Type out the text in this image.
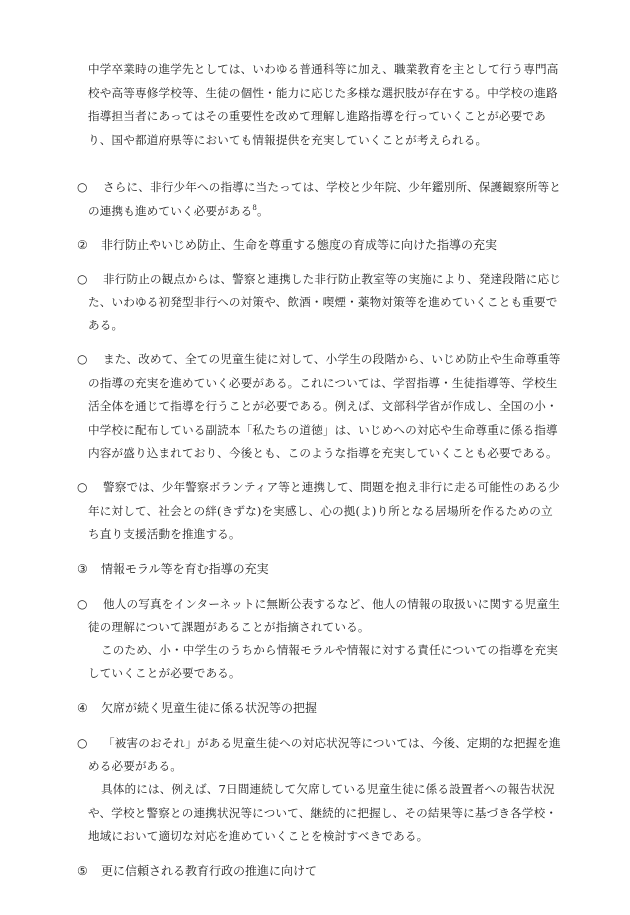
中学卒業時の進学先としては、いわゆる普通科等に加え、職業教育を主として行う専門高
校や高等専修学校等、生徒の個性・能力に応じた多様な選択肢が存在する。中学校の進路
指導担当者にあってはその重要性を改めて理解し進路指導を行っていくことが必要であ
り、国や都道府県等においても情報提供を充実していくことが考えられる。
○ さらに、非行少年への指導に当たっては、学校と少年院、少年鑑別所、保護観察所等と
の連携も進めていく必要がある$^8$。
② 非行防止やいじめ防止、生命を尊重する態度の育成等に向けた指導の充実
○ 非行防止の観点からは、警察と連携した非行防止教室等の実施により、発達段階に応じ
た、いわゆる初発型非行への対策や、飲酒・喫煙・薬物対策等を進めていくことも重要で
ある。
○ また、改めて、全ての児童生徒に対して、小学生の段階から、いじめ防止や生命尊重等
の指導の充実を進めていく必要がある。これについては、学習指導・生徒指導等、学校生
活全体を通じて指導を行うことが必要である。例えば、文部科学省が作成し、全国の小・
中学校に配布している副読本「私たちの道徳」は、いじめへの対応や生命尊重に係る指導
内容が盛り込まれており、今後とも、このような指導を充実していくことも必要である。
○ 警察では、少年警察ボランティア等と連携して、問題を抱え非行に走る可能性のある少
年に対して、社会との絆(きずな)を実感し、心の拠(よ)り所となる居場所を作るための立
ち直り支援活動を推進する。
③ 情報モラル等を育む指導の充実
○ 他人の写真をインターネットに無断公表するなど、他人の情報の取扱いに関する児童生
徒の理解について課題があることが指摘されている。
このため、小・中学生のうちから情報モラルや情報に対する責任についての指導を充実
していくことが必要である。
④ 欠席が続く児童生徒に係る状況等の把握
○ 「被害のおそれ」がある児童生徒への対応状況等については、今後、定期的な把握を進
める必要がある。
具体的には、例えば、7日間連続して欠席している児童生徒に係る設置者への報告状況
や、学校と警察との連携状況等について、継続的に把握し、その結果等に基づき各学校・
地域において適切な対応を進めていくことを検討すべきである。
⑤ 更に信頼される教育行政の推進に向けて
